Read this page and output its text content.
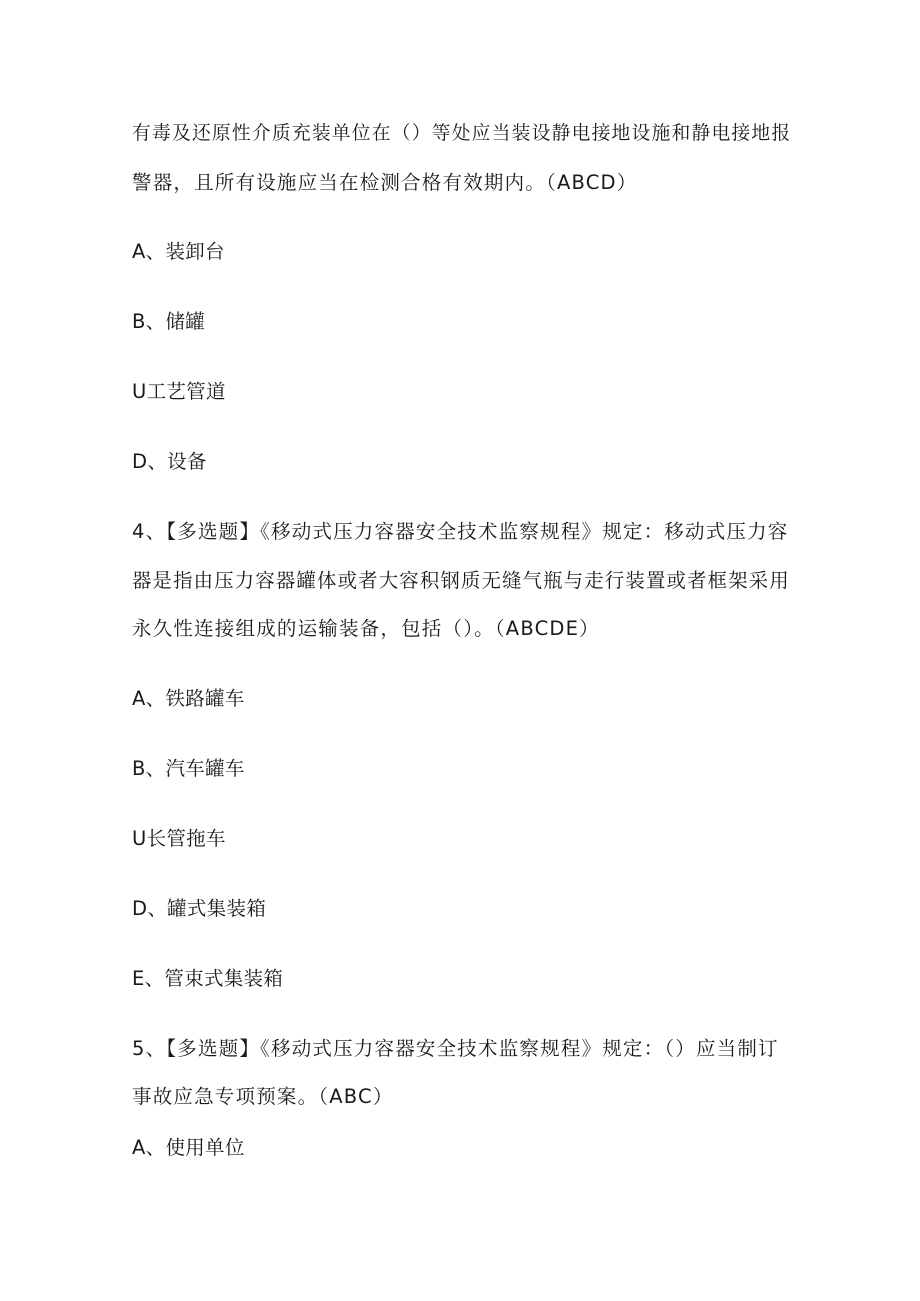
有毒及还原性介质充装单位在（）等处应当装设静电接地设施和静电接地报
警器，且所有设施应当在检测合格有效期内。（ABCD）
A、装卸台
B、储罐
U工艺管道
D、设备
4、【多选题】《移动式压力容器安全技术监察规程》规定：移动式压力容
器是指由压力容器罐体或者大容积钢质无缝气瓶与走行装置或者框架采用
永久性连接组成的运输装备，包括（）。（ABCDE）
A、铁路罐车
B、汽车罐车
U长管拖车
D、罐式集装箱
E、管束式集装箱
5、【多选题】《移动式压力容器安全技术监察规程》规定：（）应当制订
事故应急专项预案。（ABC）
A、使用单位
